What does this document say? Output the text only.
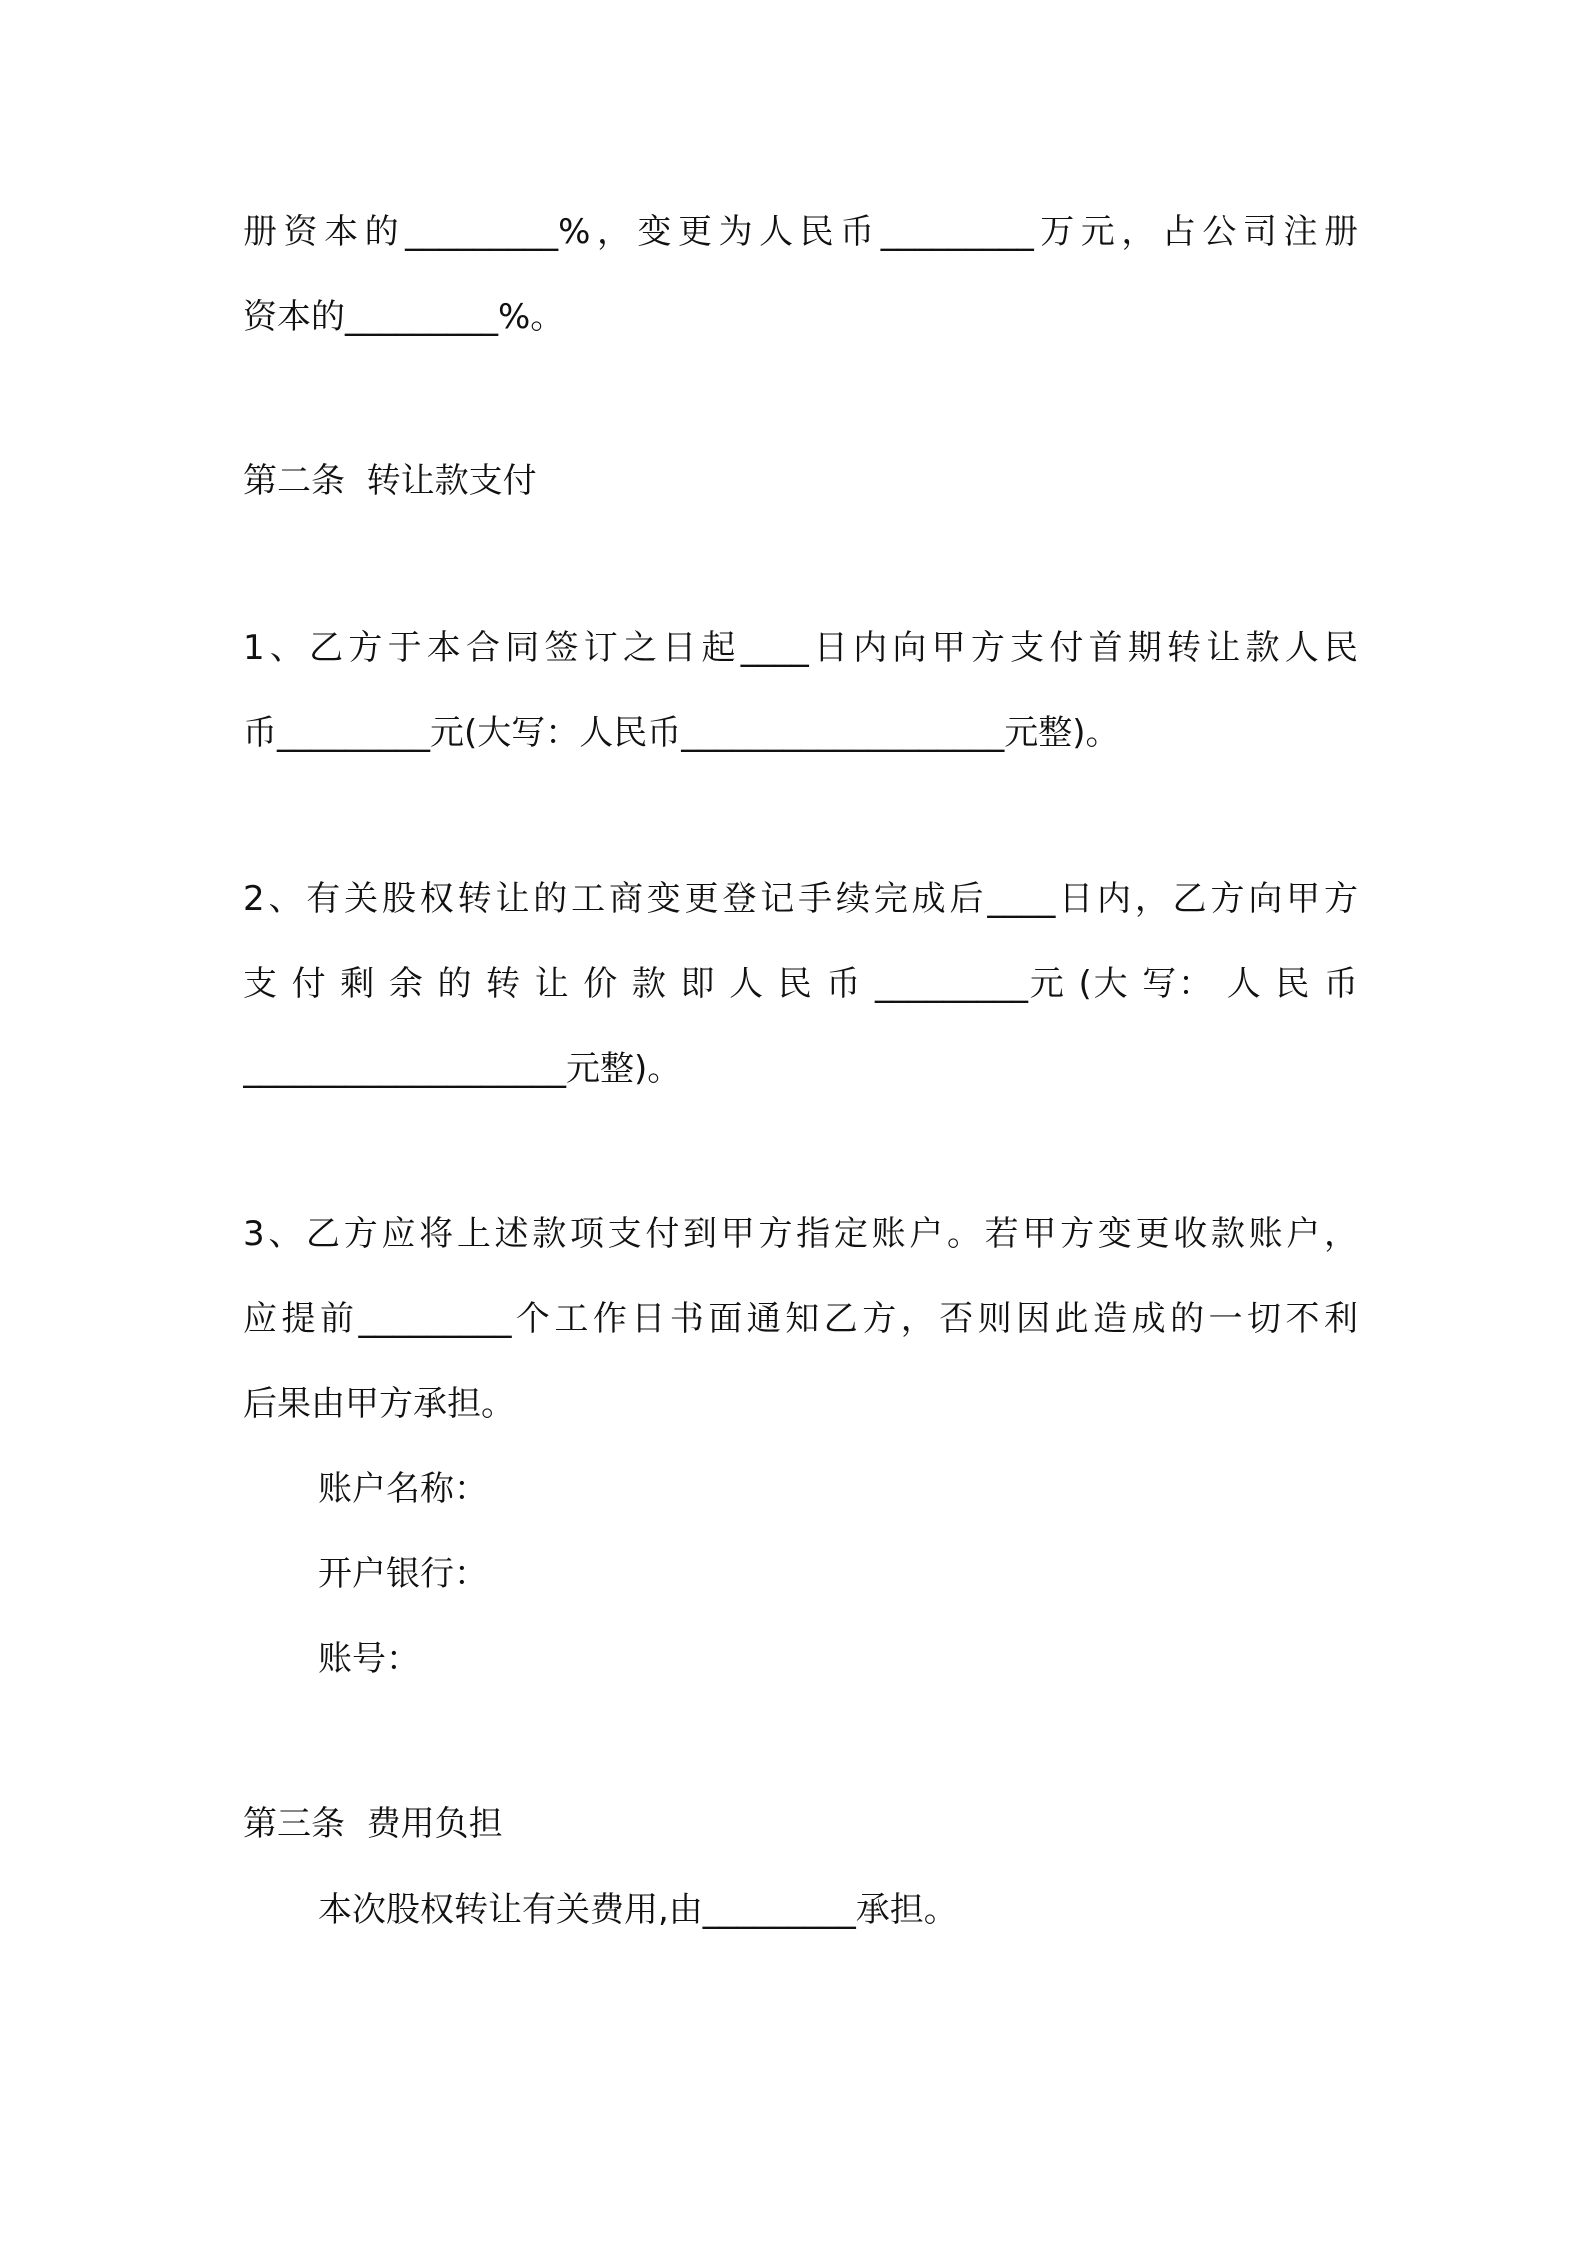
册资本的_________%，变更为人民币_________万元，占公司注册
资本的_________%。
第二条  转让款支付
1、乙方于本合同签订之日起____日内向甲方支付首期转让款人民
币_________元(大写：人民币___________________元整)。
2、有关股权转让的工商变更登记手续完成后____日内，乙方向甲方
支 付 剩 余 的 转 让 价 款 即 人 民 币 _________元 (大 写： 人 民 币
___________________元整)。
3、乙方应将上述款项支付到甲方指定账户。若甲方变更收款账户，
应提前_________个工作日书面通知乙方，否则因此造成的一切不利
后果由甲方承担。
账户名称：
开户银行：
账号：
第三条  费用负担
本次股权转让有关费用,由_________承担。
